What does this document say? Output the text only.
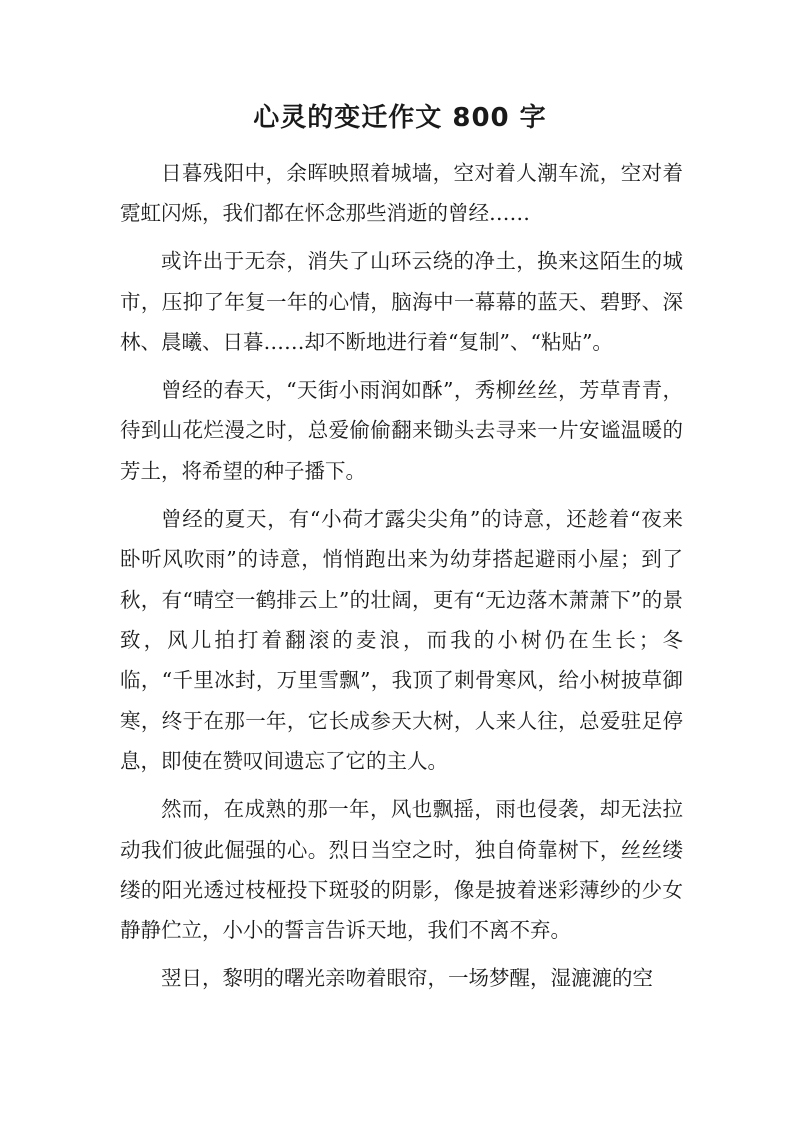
心灵的变迁作文 800 字

日暮残阳中，余晖映照着城墙，空对着人潮车流，空对着霓虹闪烁，我们都在怀念那些消逝的曾经……

或许出于无奈，消失了山环云绕的净土，换来这陌生的城市，压抑了年复一年的心情，脑海中一幕幕的蓝天、碧野、深林、晨曦、日暮……却不断地进行着“复制”、“粘贴”。

曾经的春天，“天街小雨润如酥”，秀柳丝丝，芳草青青，待到山花烂漫之时，总爱偷偷翻来锄头去寻来一片安谧温暖的芳土，将希望的种子播下。

曾经的夏天，有“小荷才露尖尖角”的诗意，还趁着“夜来卧听风吹雨”的诗意，悄悄跑出来为幼芽搭起避雨小屋；到了秋，有“晴空一鹤排云上”的壮阔，更有“无边落木萧萧下”的景致，风儿拍打着翻滚的麦浪，而我的小树仍在生长；冬临，“千里冰封，万里雪飘”，我顶了刺骨寒风，给小树披草御寒，终于在那一年，它长成参天大树，人来人往，总爱驻足停息，即使在赞叹间遗忘了它的主人。

然而，在成熟的那一年，风也飘摇，雨也侵袭，却无法拉动我们彼此倔强的心。烈日当空之时，独自倚靠树下，丝丝缕缕的阳光透过枝桠投下斑驳的阴影，像是披着迷彩薄纱的少女静静伫立，小小的誓言告诉天地，我们不离不弃。

翌日，黎明的曙光亲吻着眼帘，一场梦醒，湿漉漉的空
